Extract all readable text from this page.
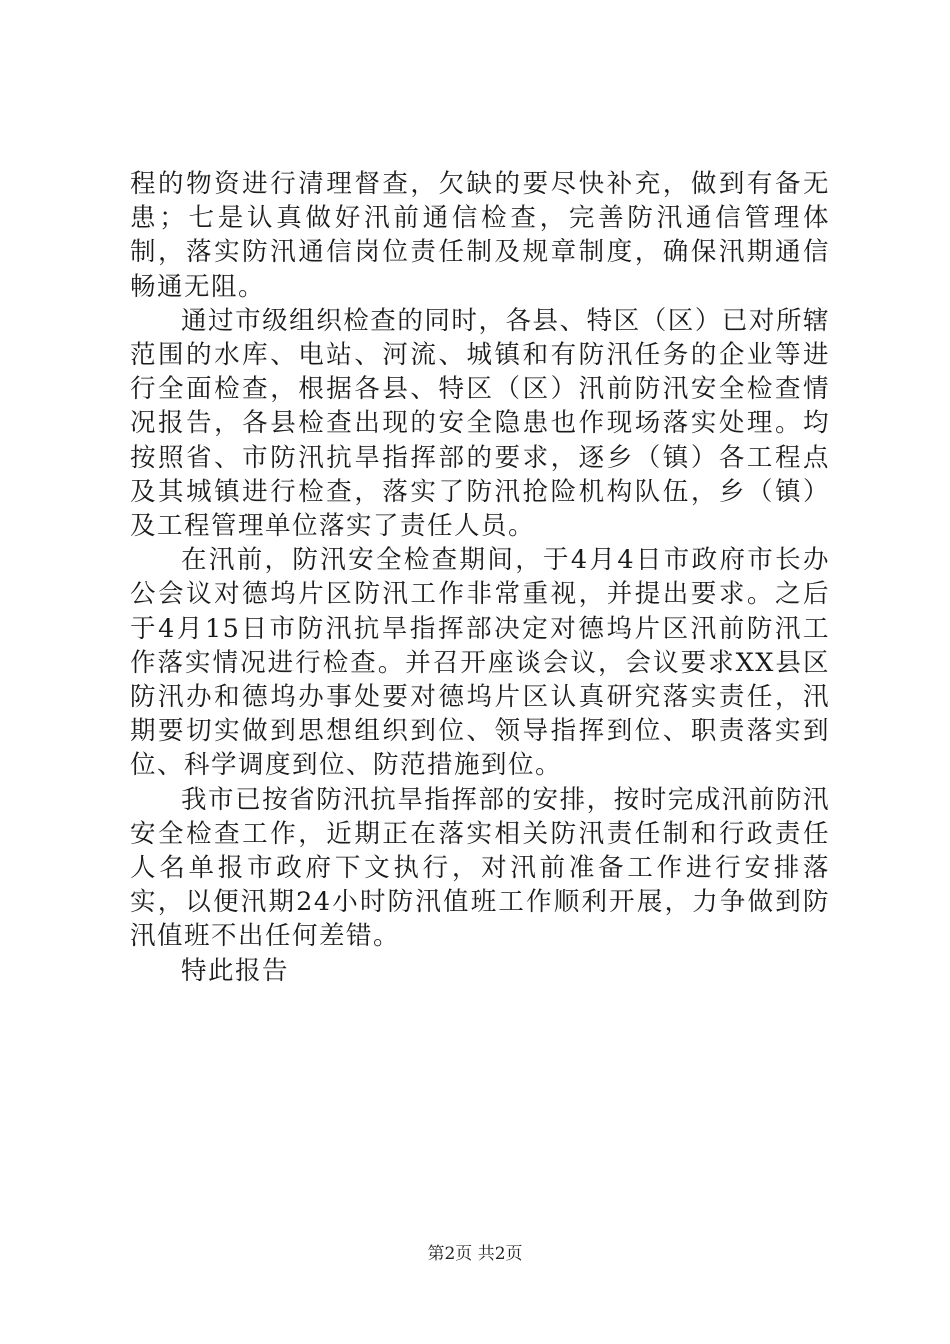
程的物资进行清理督查，欠缺的要尽快补充，做到有备无患；七是认真做好汛前通信检查，完善防汛通信管理体制，落实防汛通信岗位责任制及规章制度，确保汛期通信畅通无阻。

通过市级组织检查的同时，各县、特区（区）已对所辖范围的水库、电站、河流、城镇和有防汛任务的企业等进行全面检查，根据各县、特区（区）汛前防汛安全检查情况报告，各县检查出现的安全隐患也作现场落实处理。均按照省、市防汛抗旱指挥部的要求，逐乡（镇）各工程点及其城镇进行检查，落实了防汛抢险机构队伍，乡（镇）及工程管理单位落实了责任人员。

在汛前，防汛安全检查期间，于4月4日市政府市长办公会议对德坞片区防汛工作非常重视，并提出要求。之后于4月15日市防汛抗旱指挥部决定对德坞片区汛前防汛工作落实情况进行检查。并召开座谈会议，会议要求XX县区防汛办和德坞办事处要对德坞片区认真研究落实责任，汛期要切实做到思想组织到位、领导指挥到位、职责落实到位、科学调度到位、防范措施到位。

我市已按省防汛抗旱指挥部的安排，按时完成汛前防汛安全检查工作，近期正在落实相关防汛责任制和行政责任人名单报市政府下文执行，对汛前准备工作进行安排落实，以便汛期24小时防汛值班工作顺利开展，力争做到防汛值班不出任何差错。

特此报告

第2页 共2页
